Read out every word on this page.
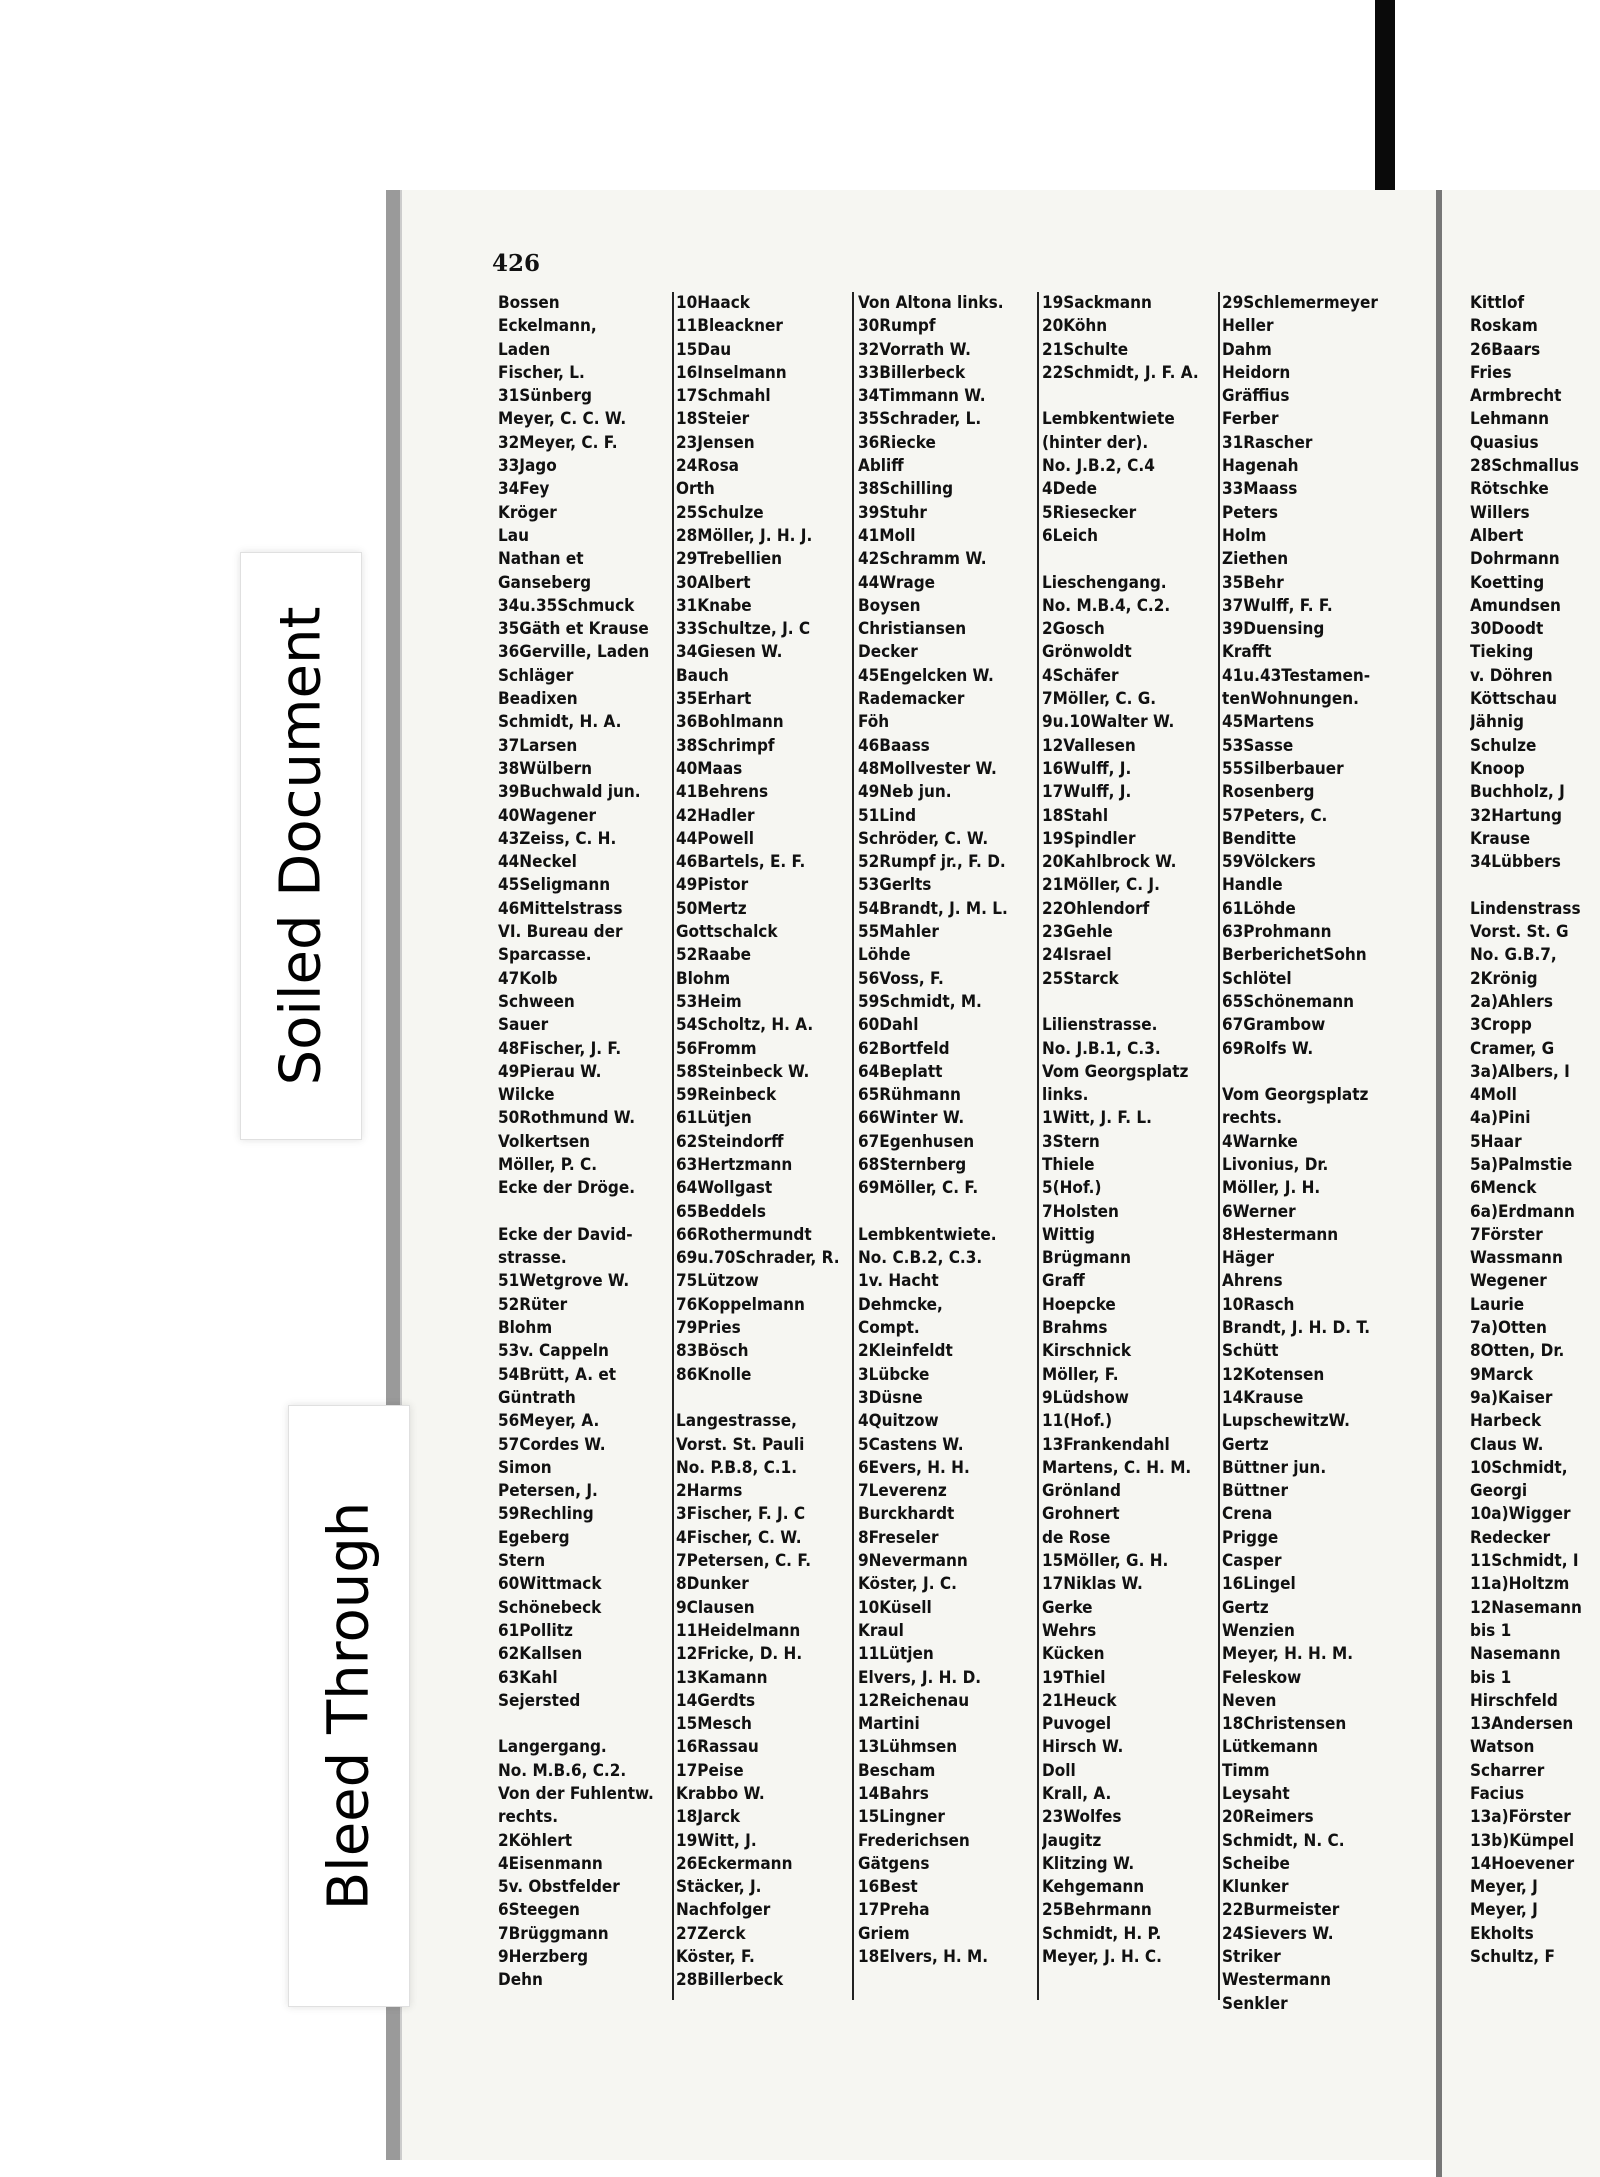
Soiled Document
Bleed Through
426
Bossen
Eckelmann,
Laden
Fischer, L.
31Sünberg
Meyer, C. C. W.
32Meyer, C. F.
33Jago
34Fey
Kröger
Lau
Nathan et
Ganseberg
34u.35Schmuck
35Gäth et Krause
36Gerville, Laden
Schläger
Beadixen
Schmidt, H. A.
37Larsen
38Wülbern
39Buchwald jun.
40Wagener
43Zeiss, C. H.
44Neckel
45Seligmann
46Mittelstrass
VI. Bureau der
Sparcasse.
47Kolb
Schween
Sauer
48Fischer, J. F.
49Pierau W.
Wilcke
50Rothmund W.
Volkertsen
Möller, P. C.
Ecke der Dröge.
Ecke der David-
strasse.
51Wetgrove W.
52Rüter
Blohm
53v. Cappeln
54Brütt, A. et
Güntrath
56Meyer, A.
57Cordes W.
Simon
Petersen, J.
59Rechling
Egeberg
Stern
60Wittmack
Schönebeck
61Pollitz
62Kallsen
63Kahl
Sejersted
Langergang.
No. M.B.6, C.2.
Von der Fuhlentw.
rechts.
2Köhlert
4Eisenmann
5v. Obstfelder
6Steegen
7Brüggmann
9Herzberg
Dehn
10Haack
11Bleackner
15Dau
16Inselmann
17Schmahl
18Steier
23Jensen
24Rosa
Orth
25Schulze
28Möller, J. H. J.
29Trebellien
30Albert
31Knabe
33Schultze, J. C
34Giesen W.
Bauch
35Erhart
36Bohlmann
38Schrimpf
40Maas
41Behrens
42Hadler
44Powell
46Bartels, E. F.
49Pistor
50Mertz
Gottschalck
52Raabe
Blohm
53Heim
54Scholtz, H. A.
56Fromm
58Steinbeck W.
59Reinbeck
61Lütjen
62Steindorff
63Hertzmann
64Wollgast
65Beddels
66Rothermundt
69u.70Schrader, R.
75Lützow
76Koppelmann
79Pries
83Bösch
86Knolle
Langestrasse,
Vorst. St. Pauli
No. P.B.8, C.1.
2Harms
3Fischer, F. J. C
4Fischer, C. W.
7Petersen, C. F.
8Dunker
9Clausen
11Heidelmann
12Fricke, D. H.
13Kamann
14Gerdts
15Mesch
16Rassau
17Peise
Krabbo W.
18Jarck
19Witt, J.
26Eckermann
Stäcker, J.
Nachfolger
27Zerck
Köster, F.
28Billerbeck
Von Altona links.
30Rumpf
32Vorrath W.
33Billerbeck
34Timmann W.
35Schrader, L.
36Riecke
Abliff
38Schilling
39Stuhr
41Moll
42Schramm W.
44Wrage
Boysen
Christiansen
Decker
45Engelcken W.
Rademacker
Föh
46Baass
48Mollvester W.
49Neb jun.
51Lind
Schröder, C. W.
52Rumpf jr., F. D.
53Gerlts
54Brandt, J. M. L.
55Mahler
Löhde
56Voss, F.
59Schmidt, M.
60Dahl
62Bortfeld
64Beplatt
65Rühmann
66Winter W.
67Egenhusen
68Sternberg
69Möller, C. F.
Lembkentwiete.
No. C.B.2, C.3.
1v. Hacht
Dehmcke,
Compt.
2Kleinfeldt
3Lübcke
3Düsne
4Quitzow
5Castens W.
6Evers, H. H.
7Leverenz
Burckhardt
8Freseler
9Nevermann
Köster, J. C.
10Küsell
Kraul
11Lütjen
Elvers, J. H. D.
12Reichenau
Martini
13Lühmsen
Bescham
14Bahrs
15Lingner
Frederichsen
Gätgens
16Best
17Preha
Griem
18Elvers, H. M.
19Sackmann
20Köhn
21Schulte
22Schmidt, J. F. A.
Lembkentwiete
(hinter der).
No. J.B.2, C.4
4Dede
5Riesecker
6Leich
Lieschengang.
No. M.B.4, C.2.
2Gosch
Grönwoldt
4Schäfer
7Möller, C. G.
9u.10Walter W.
12Vallesen
16Wulff, J.
17Wulff, J.
18Stahl
19Spindler
20Kahlbrock W.
21Möller, C. J.
22Ohlendorf
23Gehle
24Israel
25Starck
Lilienstrasse.
No. J.B.1, C.3.
Vom Georgsplatz
links.
1Witt, J. F. L.
3Stern
Thiele
5(Hof.)
7Holsten
Wittig
Brügmann
Graff
Hoepcke
Brahms
Kirschnick
Möller, F.
9Lüdshow
11(Hof.)
13Frankendahl
Martens, C. H. M.
Grönland
Grohnert
de Rose
15Möller, G. H.
17Niklas W.
Gerke
Wehrs
Kücken
19Thiel
21Heuck
Puvogel
Hirsch W.
Doll
Krall, A.
23Wolfes
Jaugitz
Klitzing W.
Kehgemann
25Behrmann
Schmidt, H. P.
Meyer, J. H. C.
29Schlemermeyer
Heller
Dahm
Heidorn
Gräffius
Ferber
31Rascher
Hagenah
33Maass
Peters
Holm
Ziethen
35Behr
37Wulff, F. F.
39Duensing
Krafft
41u.43Testamen-
tenWohnungen.
45Martens
53Sasse
55Silberbauer
Rosenberg
57Peters, C.
Benditte
59Völckers
Handle
61Löhde
63Prohmann
BerberichetSohn
Schlötel
65Schönemann
67Grambow
69Rolfs W.
Vom Georgsplatz
rechts.
4Warnke
Livonius, Dr.
Möller, J. H.
6Werner
8Hestermann
Häger
Ahrens
10Rasch
Brandt, J. H. D. T.
Schütt
12Kotensen
14Krause
LupschewitzW.
Gertz
Büttner jun.
Büttner
Crena
Prigge
Casper
16Lingel
Gertz
Wenzien
Meyer, H. H. M.
Feleskow
Neven
18Christensen
Lütkemann
Timm
Leysaht
20Reimers
Schmidt, N. C.
Scheibe
Klunker
22Burmeister
24Sievers W.
Striker
Westermann
Senkler
Kittlof
Roskam
26Baars
Fries
Armbrecht
Lehmann
Quasius
28Schmallus
Rötschke
Willers
Albert
Dohrmann
Koetting
Amundsen
30Doodt
Tieking
v. Döhren
Köttschau
Jähnig
Schulze
Knoop
Buchholz, J
32Hartung
Krause
34Lübbers
Lindenstrass
Vorst. St. G
No. G.B.7,
2Krönig
2a)Ahlers
3Cropp
Cramer, G
3a)Albers, I
4Moll
4a)Pini
5Haar
5a)Palmstie
6Menck
6a)Erdmann
7Förster
Wassmann
Wegener
Laurie
7a)Otten
8Otten, Dr.
9Marck
9a)Kaiser
Harbeck
Claus W.
10Schmidt,
Georgi
10a)Wigger
Redecker
11Schmidt, I
11a)Holtzm
12Nasemann
bis 1
Nasemann
bis 1
Hirschfeld
13Andersen
Watson
Scharrer
Facius
13a)Förster
13b)Kümpel
14Hoevener
Meyer, J
Meyer, J
Ekholts
Schultz, F
